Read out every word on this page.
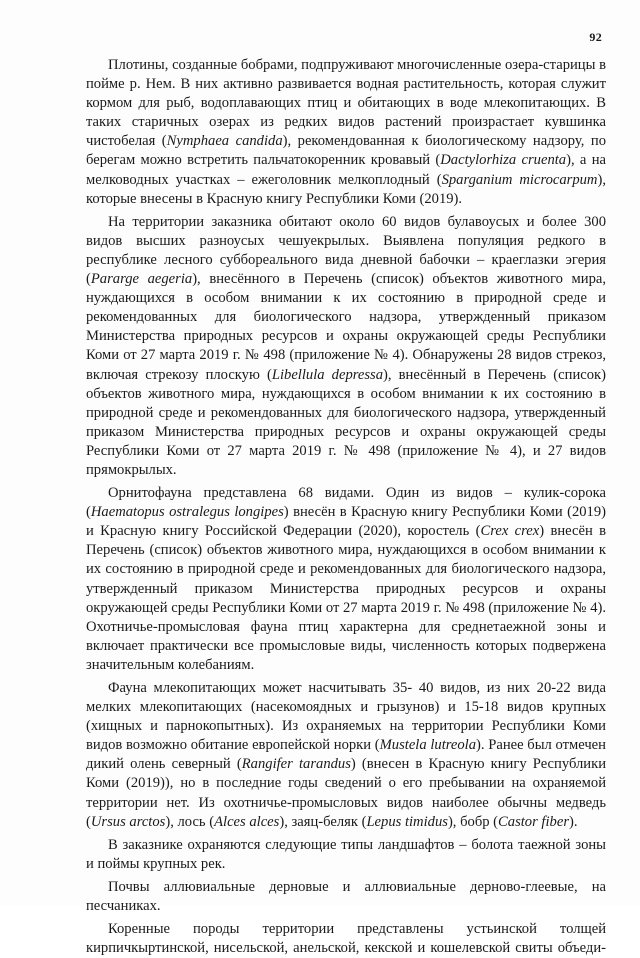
92

Плотины, созданные бобрами, подпруживают многочисленные озера-старицы в пойме р. Нем. В них активно развивается водная растительность, которая служит кормом для рыб, водоплавающих птиц и обитающих в воде млекопитающих. В таких старичных озерах из редких видов растений произрастает кувшинка чистобелая (Nymphaea candida), рекомендованная к биологическому надзору, по берегам можно встретить пальчатокоренник кровавый (Dactylorhiza cruenta), а на мелководных участках – ежеголовник мелкоплодный (Sparganium microcarpum), которые внесены в Красную книгу Республики Коми (2019).

На территории заказника обитают около 60 видов булавоусых и более 300 видов высших разноусых чешуекрылых. Выявлена популяция редкого в республике лесного суббореального вида дневной бабочки – краеглазки эгерия (Pararge aegeria), внесённого в Перечень (список) объектов животного мира, нуждающихся в особом внимании к их состоянию в природной среде и рекомендованных для биологического надзора, утвержденный приказом Министерства природных ресурсов и охраны окружающей среды Республики Коми от 27 марта 2019 г. № 498 (приложение № 4). Обнаружены 28 видов стрекоз, включая стрекозу плоскую (Libellula depressa), внесённый в Перечень (список) объектов животного мира, нуждающихся в особом внимании к их состоянию в природной среде и рекомендованных для биологического надзора, утвержденный приказом Министерства природных ресурсов и охраны окружающей среды Республики Коми от 27 марта 2019 г. № 498 (приложение № 4), и 27 видов прямокрылых.

Орнитофауна представлена 68 видами. Один из видов – кулик-сорока (Haematopus ostralegus longipes) внесён в Красную книгу Республики Коми (2019) и Красную книгу Российской Федерации (2020), коростель (Crex crex) внесён в Перечень (список) объектов животного мира, нуждающихся в особом внимании к их состоянию в природной среде и рекомендованных для биологического надзора, утвержденный приказом Министерства природных ресурсов и охраны окружающей среды Республики Коми от 27 марта 2019 г. № 498 (приложение № 4). Охотничье-промысловая фауна птиц характерна для среднетаежной зоны и включает практически все промысловые виды, численность которых подвержена значительным колебаниям.

Фауна млекопитающих может насчитывать 35- 40 видов, из них 20-22 вида мелких млекопитающих (насекомоядных и грызунов) и 15-18 видов крупных (хищных и парнокопытных). Из охраняемых на территории Республики Коми видов возможно обитание европейской норки (Mustela lutreola). Ранее был отмечен дикий олень северный (Rangifer tarandus) (внесен в Красную книгу Республики Коми (2019)), но в последние годы сведений о его пребывании на охраняемой территории нет. Из охотничье-промысловых видов наиболее обычны медведь (Ursus arctos), лось (Alces alces), заяц-беляк (Lepus timidus), бобр (Castor fiber).

В заказнике охраняются следующие типы ландшафтов – болота таежной зоны и поймы крупных рек.

Почвы аллювиальные дерновые и аллювиальные дерново-глеевые, на песчаниках.

Коренные породы территории представлены устьинской толщей кирпичкыртинской, нисельской, анельской, кекской и кошелевской свиты объеди-
